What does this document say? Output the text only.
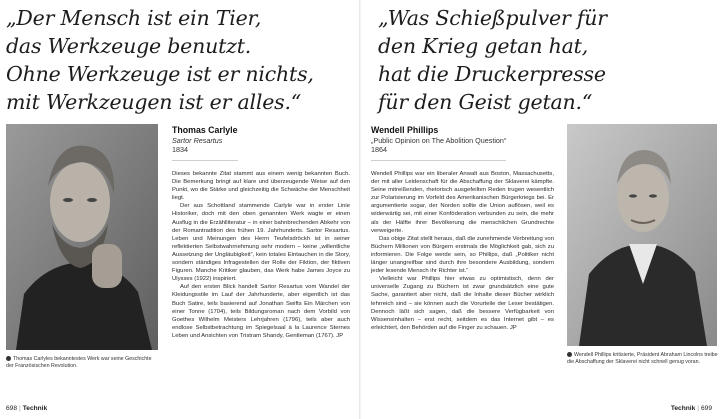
„Der Mensch ist ein Tier,
das Werkzeuge benutzt.
Ohne Werkzeuge ist er nichts,
mit Werkzeugen ist er alles.“
Thomas Carlyle
Sartor Resartus
1834

Dieses bekannte Zitat stammt aus einem wenig bekannten Buch. Die Bemerkung bringt auf klare und überzeugende Weise auf den Punkt, wo die Stärke und gleichzeitig die Schwäche der Menschheit liegt.

Der aus Schottland stammende Carlyle war in erster Linie Historiker, doch mit den oben genannten Werk wagte er einen Ausflug in die Erzählliteratur – in einer bahnbrechenden Abkehr von der Romantradition des frühen 19. Jahrhunderts. Sartor Resartus. Leben und Meinungen des Herrn Teufelsdröckh ist in seiner reflektierten Selbstwahrnehmung sehr modern – keine „willentliche Aussetzung der Ungläubigkeit“, kein totales Eintauchen in die Story, sondern ständiges Infragestellen der Rolle der Fiktion, der fiktiven Figuren. Manche Kritiker glauben, das Werk habe James Joyce zu Ulysses (1922) inspiriert.

Auf den ersten Blick handelt Sartor Resartus vom Wandel der Kleidungsstile im Lauf der Jahrhunderte, aber eigentlich ist das Buch Satire, teils basierend auf Jonathan Swifts Ein Märchen von einer Tonne (1704), teils Bildungsroman nach dem Vorbild von Goethes Wilhelm Meisters Lehrjahren (1796), teils aber auch endlose Selbstbetrachtung im Spiegelsaal à la Laurence Sternes Leben und Ansichten von Tristram Shandy, Gentleman (1767). JP

Thomas Carlyles bekanntestes Werk war seine Geschichte der Französischen Revolution.
698 | Technik
„Was Schießpulver für
den Krieg getan hat,
hat die Druckerpresse
für den Geist getan.“
Wendell Phillips
„Public Opinion on The Abolition Question“
1864

Wendell Phillips war ein liberaler Anwalt aus Boston, Massachusetts, der mit aller Leidenschaft für die Abschaffung der Sklaverei kämpfte. Seine mitreißenden, rhetorisch ausgefeilten Reden trugen wesentlich zur Polarisierung im Vorfeld des Amerikanischen Bürgerkriegs bei. Er argumentierte sogar, der Norden sollte die Union auflösen, weil es widerwärtig sei, mit einer Konföderation verbunden zu sein, die mehr als der Hälfte ihrer Bevölkerung die menschlichen Grundrechte verweigerte.

Das obige Zitat stellt heraus, daß die zunehmende Verbreitung von Büchern Millionen von Bürgern erstmals die Möglichkeit gab, sich zu informieren. Die Folge werde sein, so Phillips, daß „Politiker nicht länger unangreifbar sind durch ihre besondere Ausbildung, sondern jeder lesende Mensch ihr Richter ist.“

Vielleicht war Phillips hier etwas zu optimistisch, denn der universelle Zugang zu Büchern ist zwar grundsätzlich eine gute Sache, garantiert aber nicht, daß die Inhalte dieser Bücher wirklich lehrreich sind – sie können auch die Vorurteile der Leser bestätigen. Dennoch läßt sich sagen, daß die bessere Verfügbarkeit von Wissensinhalten – erst recht, seitdem es das Internet gibt – es erleichtert, den Behörden auf die Finger zu schauen. JP

Wendell Phillips kritisierte, Präsident Abraham Lincolns treibe die Abschaffung der Sklaverei nicht schnell genug voran.
Technik | 699
